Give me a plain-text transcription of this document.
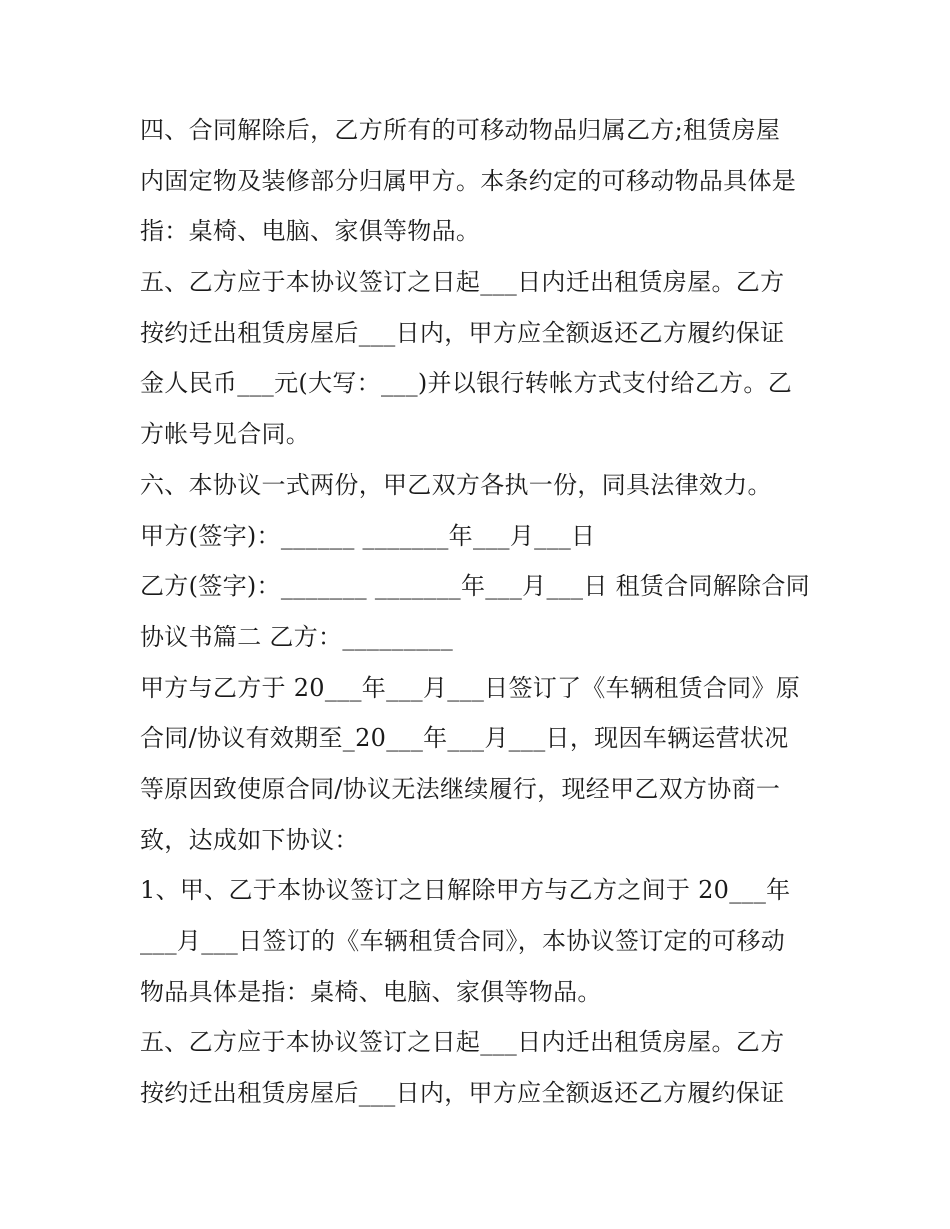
四、合同解除后，乙方所有的可移动物品归属乙方;租赁房屋
内固定物及装修部分归属甲方。本条约定的可移动物品具体是
指：桌椅、电脑、家俱等物品。
五、乙方应于本协议签订之日起___日内迁出租赁房屋。乙方
按约迁出租赁房屋后___日内，甲方应全额返还乙方履约保证
金人民币___元(大写：___)并以银行转帐方式支付给乙方。乙
方帐号见合同。
六、本协议一式两份，甲乙双方各执一份，同具法律效力。
甲方(签字)：______ _______年___月___日
乙方(签字)：_______ _______年___月___日 租赁合同解除合同
协议书篇二 乙方：_________
甲方与乙方于 20___年___月___日签订了《车辆租赁合同》原
合同/协议有效期至_20___年___月___日，现因车辆运营状况
等原因致使原合同/协议无法继续履行，现经甲乙双方协商一
致，达成如下协议：
1、甲、乙于本协议签订之日解除甲方与乙方之间于 20___年
___月___日签订的《车辆租赁合同》，本协议签订定的可移动
物品具体是指：桌椅、电脑、家俱等物品。
五、乙方应于本协议签订之日起___日内迁出租赁房屋。乙方
按约迁出租赁房屋后___日内，甲方应全额返还乙方履约保证
